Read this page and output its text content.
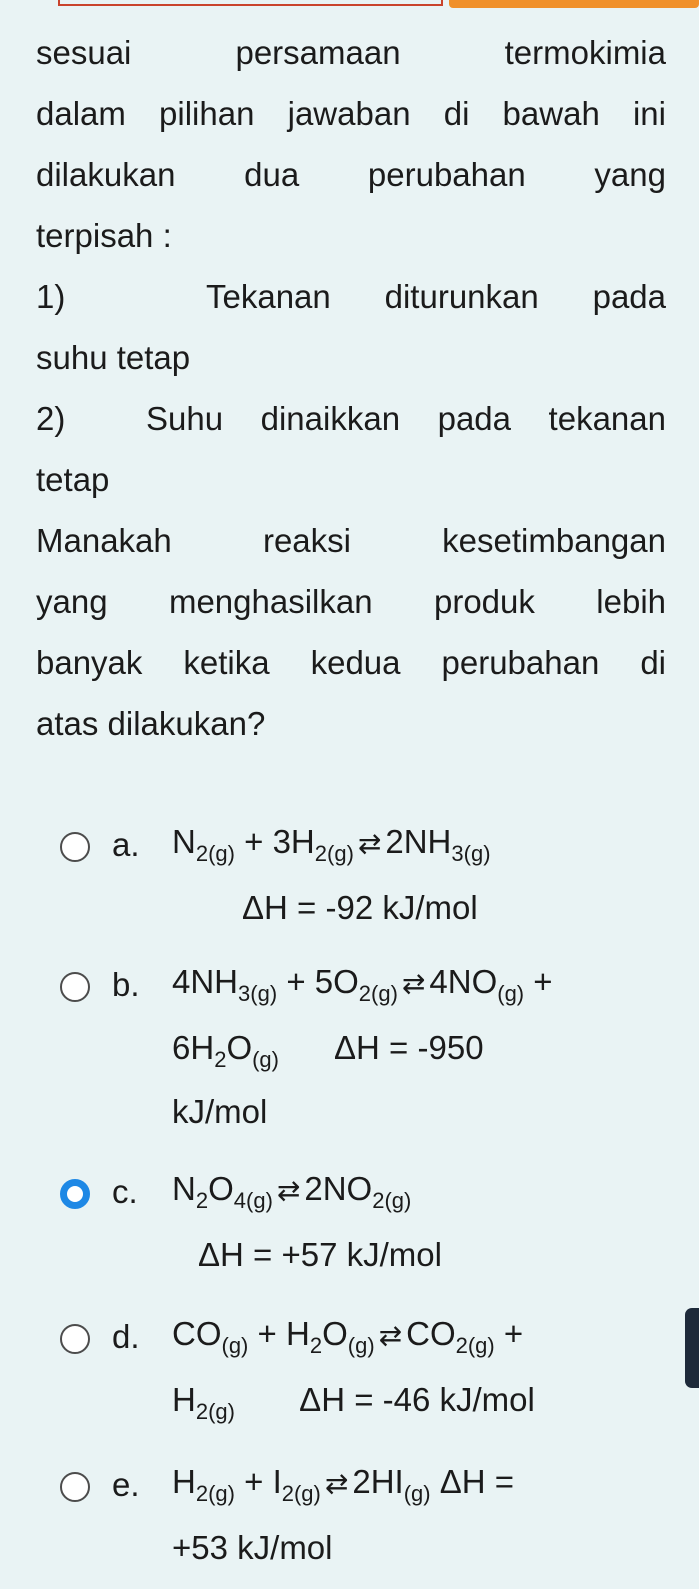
sesuai persamaan termokimia

dalam pilihan jawaban di bawah ini

dilakukan dua perubahan yang

terpisah :

1)	Tekanan diturunkan pada

suhu tetap

2)	Suhu dinaikkan pada tekanan

tetap

Manakah reaksi kesetimbangan

yang menghasilkan produk lebih

banyak ketika kedua perubahan di

atas dilakukan?

a. $N_{2(g)} + 3H_{2(g)}$ ⇄ $2NH_{3(g)}$
ΔH = -92 kJ/mol
b. $4NH_{3(g)} + 5O_{2(g)}$ ⇄ $4NO_{(g)}$ +
$6H_2O_{(g)}$ ΔH = -950
kJ/mol
c.	$N_2O_{4(g)}$ ⇄ $2NO_{2(g)}$
ΔH = +57 kJ/mol
d. $CO_{(g)} + H_2O_{(g)}$ ⇄ $CO_{2(g)}$ +
$H_{2(g)}$ ΔH = -46 kJ/mol
e. $H_{2(g)} + I_{2(g)}$ ⇄ $2HI_{(g)}$ ΔH =
+53 kJ/mol
